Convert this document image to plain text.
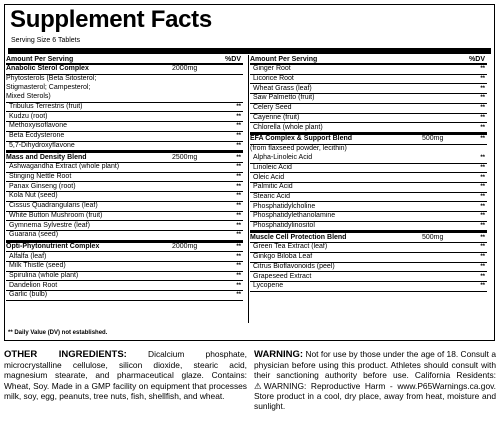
Supplement Facts
Serving Size 6 Tablets
Amount Per Serving	%DV
Anabolic Sterol Complex	2000mg
Phytosterols (Beta Sitosterol;
Stigmasterol; Campesterol;
Mixed Sterols)
Tribulus Terrestris (fruit)	**
Kudzu (root)	**
Methoxyisoflavone	**
Beta Ecdysterone	**
5,7-Dihydroxyflavone	**
Mass and Density Blend	2500mg	**
Ashwagandha Extract (whole plant)	**
Stinging Nettle Root	**
Panax Ginseng (root)	**
Kola Nut (seed)	**
Cissus Quadrangularis (leaf)	**
White Button Mushroom (fruit)	**
Gymnema Sylvestre (leaf)	**
Guarana (seed)	**
Opti-Phytonutrient Complex	2000mg	**
Alfalfa (leaf)	**
Milk Thistle (seed)	**
Spirulina (whole plant)	**
Dandelion Root	**
Garlic (bulb)	**
Amount Per Serving	%DV
Ginger Root	**
Licorice Root	**
Wheat Grass (leaf)	**
Saw Palmetto (fruit)	**
Celery Seed	**
Cayenne (fruit)	**
Chlorella (whole plant)	**
EFA Complex & Support Blend	500mg	**
(from flaxseed powder, lecithin)
Alpha-Linoleic Acid	**
Linoleic Acid	**
Oleic Acid	**
Palmitic Acid	**
Stearic Acid	**
Phosphatidylcholine	**
Phosphatidylethanolamine	**
Phosphatidylinositol	**
Muscle Cell Protection Blend	500mg	**
Green Tea Extract (leaf)	**
Ginkgo Biloba Leaf	**
Citrus Bioflavonoids (peel)	**
Grapeseed Extract	**
Lycopene	**
** Daily Value (DV) not established.
OTHER INGREDIENTS: Dicalcium phosphate, microcrystalline cellulose, silicon dioxide, stearic acid, magnesium stearate, and pharmaceutical glaze. Contains: Wheat, Soy. Made in a GMP facility on equipment that processes milk, soy, egg, peanuts, tree nuts, fish, shellfish, and wheat.
WARNING: Not for use by those under the age of 18. Consult a physician before using this product. Athletes should consult with their sanctioning authority before use. California Residents: ⚠WARNING: Reproductive Harm - www.P65Warnings.ca.gov. Store product in a cool, dry place, away from heat, moisture and sunlight.
